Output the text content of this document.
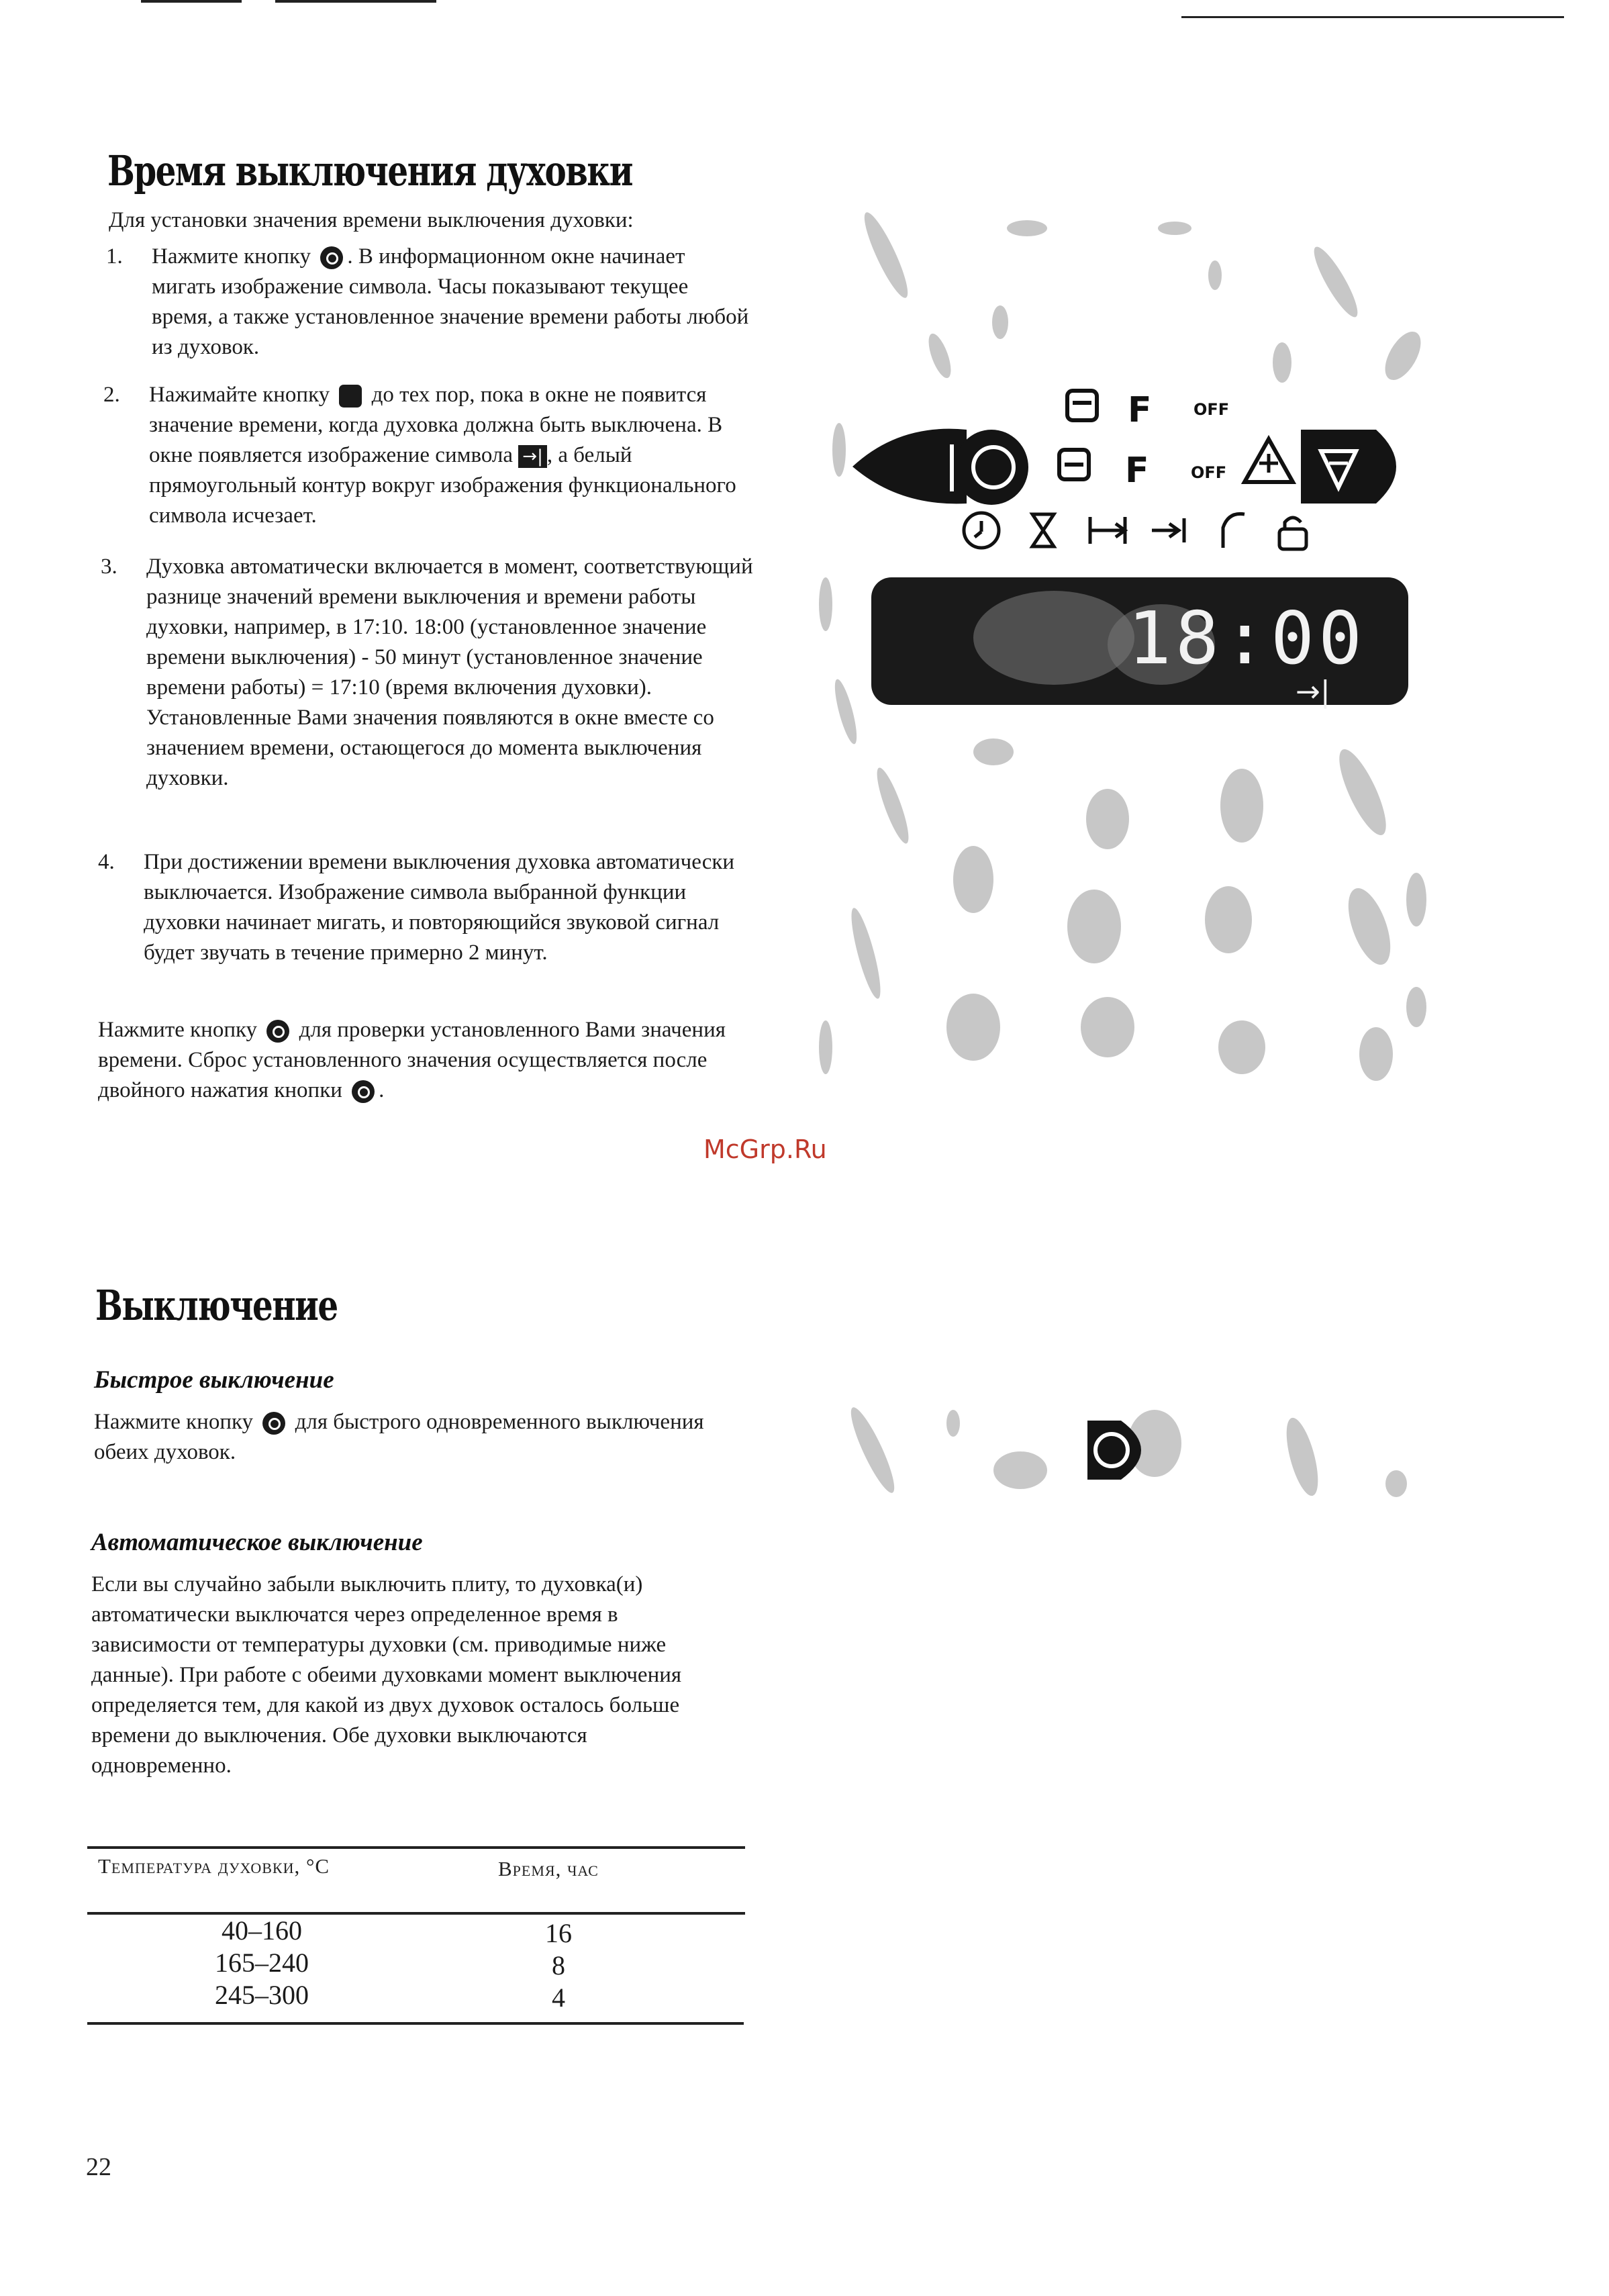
Время выключения духовки
Для установки значения времени выключения духовки:
1. Нажмите кнопку . В информационном окне начинает мигать изображение символа. Часы показывают текущее время, а также установленное значение времени работы любой из духовок.
2. Нажимайте кнопку до тех пор, пока в окне не появится значение времени, когда духовка должна быть выключена. В окне появляется изображение символа →| , а белый прямоугольный контур вокруг изображения функционального символа исчезает.
3. Духовка автоматически включается в момент, соответствующий разнице значений времени выключения и времени работы духовки, например, в 17:10. 18:00 (установленное значение времени выключения) - 50 минут (установленное значение времени работы) = 17:10 (время включения духовки). Установленные Вами значения появляются в окне вместе со значением времени, остающегося до момента выключения духовки.
4. При достижении времени выключения духовка автоматически выключается. Изображение символа выбранной функции духовки начинает мигать, и повторяющийся звуковой сигнал будет звучать в течение примерно 2 минут.
Нажмите кнопку для проверки установленного Вами значения времени. Сброс установленного значения осуществляется после двойного нажатия кнопки .
F	OFF
F	OFF
18:00
→|
McGrp.Ru
Выключение
Быстрое выключение
Нажмите кнопку для быстрого одновременного выключения обеих духовок.
Автоматическое выключение
Если вы случайно забыли выключить плиту, то духовка(и) автоматически выключатся через определенное время в зависимости от температуры духовки (см. приводимые ниже данные). При работе с обеими духовками момент выключения определяется тем, для какой из двух духовок осталось больше времени до выключения. Обе духовки выключаются одновременно.
Температура духовки, °C	Время, час
40–160	16
165–240	8
245–300	4
22
